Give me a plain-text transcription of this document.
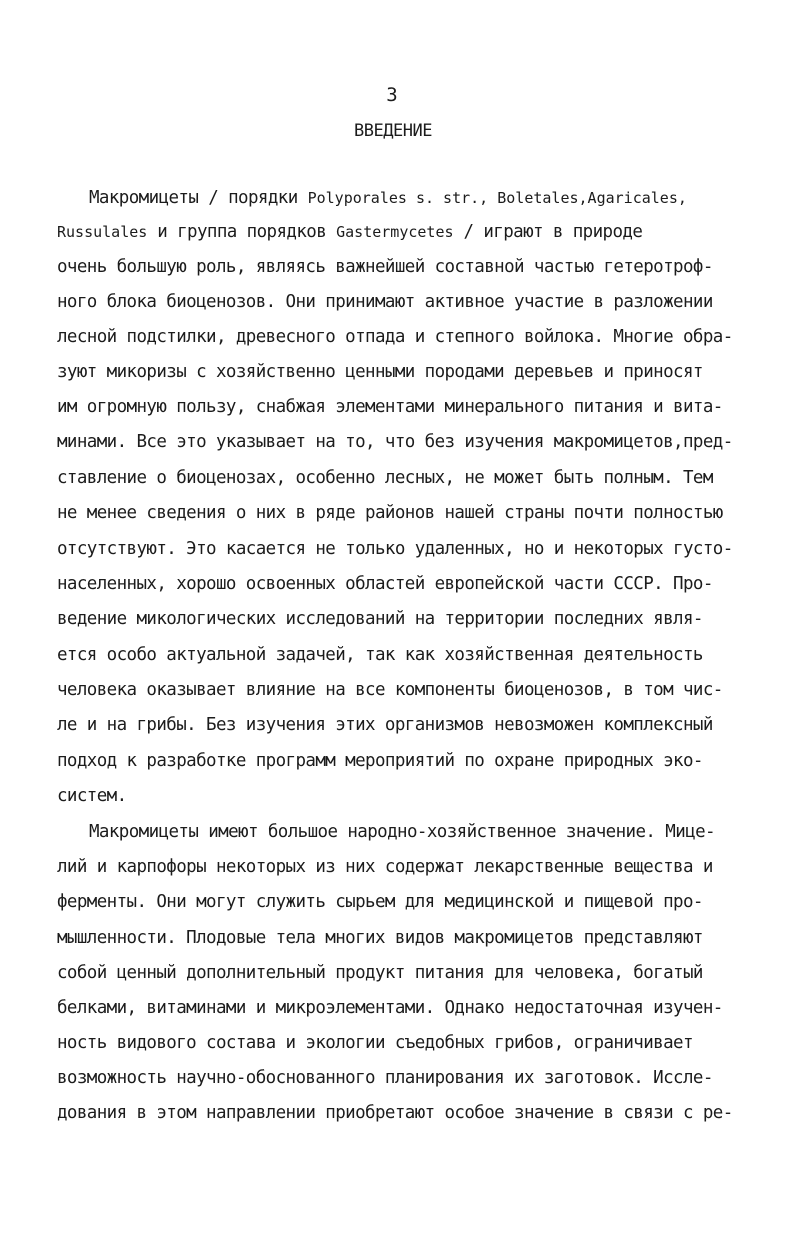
3
ВВЕДЕНИЕ
Макромицеты / порядки Polyporales s. str., Boletales,Agaricales,
Russulales и группа порядков Gastermycetes / играют в природе
очень большую роль, являясь важнейшей составной частью гетеротроф-
ного блока биоценозов. Они принимают активное участие в разложении
лесной подстилки, древесного отпада и степного войлока. Многие обра-
зуют микоризы с хозяйственно ценными породами деревьев и приносят
им огромную пользу, снабжая элементами минерального питания и вита-
минами. Все это указывает на то, что без изучения макромицетов,пред-
ставление о биоценозах, особенно лесных, не может быть полным. Тем
не менее сведения о них в ряде районов нашей страны почти полностью
отсутствуют. Это касается не только удаленных, но и некоторых густо-
населенных, хорошо освоенных областей европейской части СССР. Про-
ведение микологических исследований на территории последних явля-
ется особо актуальной задачей, так как хозяйственная деятельность
человека оказывает влияние на все компоненты биоценозов, в том чис-
ле и на грибы. Без изучения этих организмов невозможен комплексный
подход к разработке программ мероприятий по охране природных эко-
систем.
Макромицеты имеют большое народно-хозяйственное значение. Мице-
лий и карпофоры некоторых из них содержат лекарственные вещества и
ферменты. Они могут служить сырьем для медицинской и пищевой про-
мышленности. Плодовые тела многих видов макромицетов представляют
собой ценный дополнительный продукт питания для человека, богатый
белками, витаминами и микроэлементами. Однако недостаточная изучен-
ность видового состава и экологии съедобных грибов, ограничивает
возможность научно-обоснованного планирования их заготовок. Иссле-
дования в этом направлении приобретают особое значение в связи с ре-
